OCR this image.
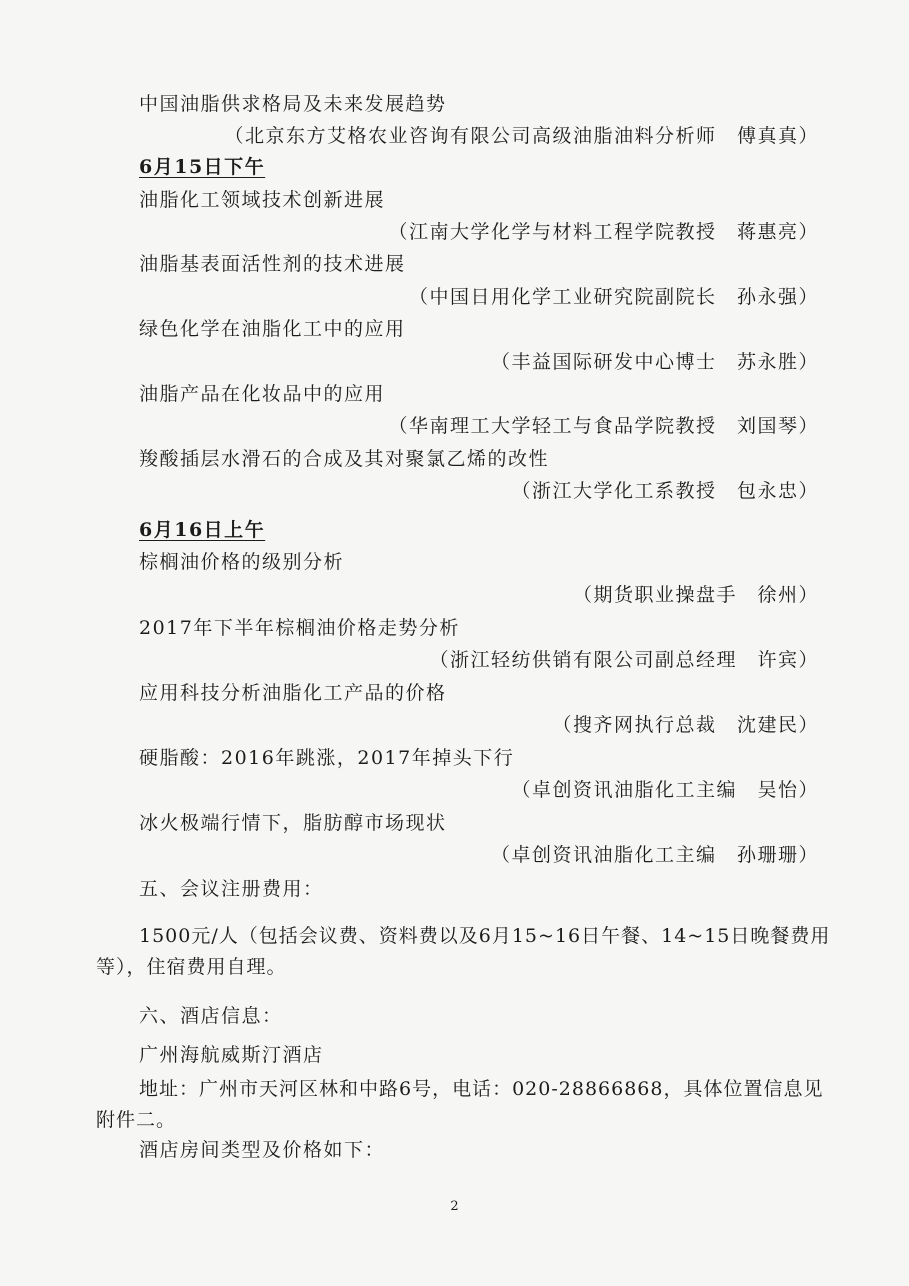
中国油脂供求格局及未来发展趋势
（北京东方艾格农业咨询有限公司高级油脂油料分析师　傅真真）
6月15日下午
油脂化工领域技术创新进展
（江南大学化学与材料工程学院教授　蒋惠亮）
油脂基表面活性剂的技术进展
（中国日用化学工业研究院副院长　孙永强）
绿色化学在油脂化工中的应用
（丰益国际研发中心博士　苏永胜）
油脂产品在化妆品中的应用
（华南理工大学轻工与食品学院教授　刘国琴）
羧酸插层水滑石的合成及其对聚氯乙烯的改性
（浙江大学化工系教授　包永忠）
6月16日上午
棕榈油价格的级别分析
（期货职业操盘手　徐州）
2017年下半年棕榈油价格走势分析
（浙江轻纺供销有限公司副总经理　许宾）
应用科技分析油脂化工产品的价格
（搜齐网执行总裁　沈建民）
硬脂酸：2016年跳涨，2017年掉头下行
（卓创资讯油脂化工主编　吴怡）
冰火极端行情下，脂肪醇市场现状
（卓创资讯油脂化工主编　孙珊珊）
五、会议注册费用：
1500元/人（包括会议费、资料费以及6月15~16日午餐、14~15日晚餐费用等），住宿费用自理。
六、酒店信息：
广州海航威斯汀酒店
地址：广州市天河区林和中路6号，电话：020-28866868，具体位置信息见附件二。
酒店房间类型及价格如下：
2
